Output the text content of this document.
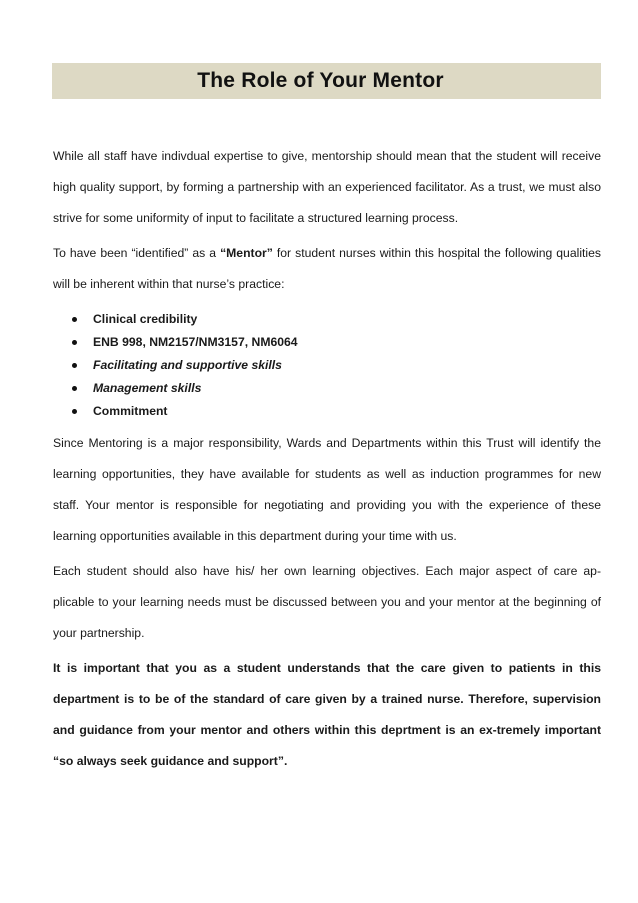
The Role of Your Mentor

While all staff have indivdual expertise to give, mentorship should mean that the student will receive high quality support, by forming a partnership with an experienced facilitator. As a trust, we must also strive for some uniformity of input to facilitate a structured learning process.

To have been “identified” as a “Mentor” for student nurses within this hospital the following qualities will be inherent within that nurse’s practice:

Clinical credibility
ENB 998, NM2157/NM3157, NM6064
Facilitating and supportive skills
Management skills
Commitment

Since Mentoring is a major responsibility, Wards and Departments within this Trust will identify the learning opportunities, they have available for students as well as induction programmes for new staff. Your mentor is responsible for negotiating and providing you with the experience of these learning opportunities available in this department during your time with us.

Each student should also have his/ her own learning objectives. Each major aspect of care ap-plicable to your learning needs must be discussed between you and your mentor at the beginning of your partnership.

It is important that you as a student understands that the care given to patients in this department is to be of the standard of care given by a trained nurse. Therefore, supervision and guidance from your mentor and others within this deprtment is an ex-tremely important “so always seek guidance and support”.
